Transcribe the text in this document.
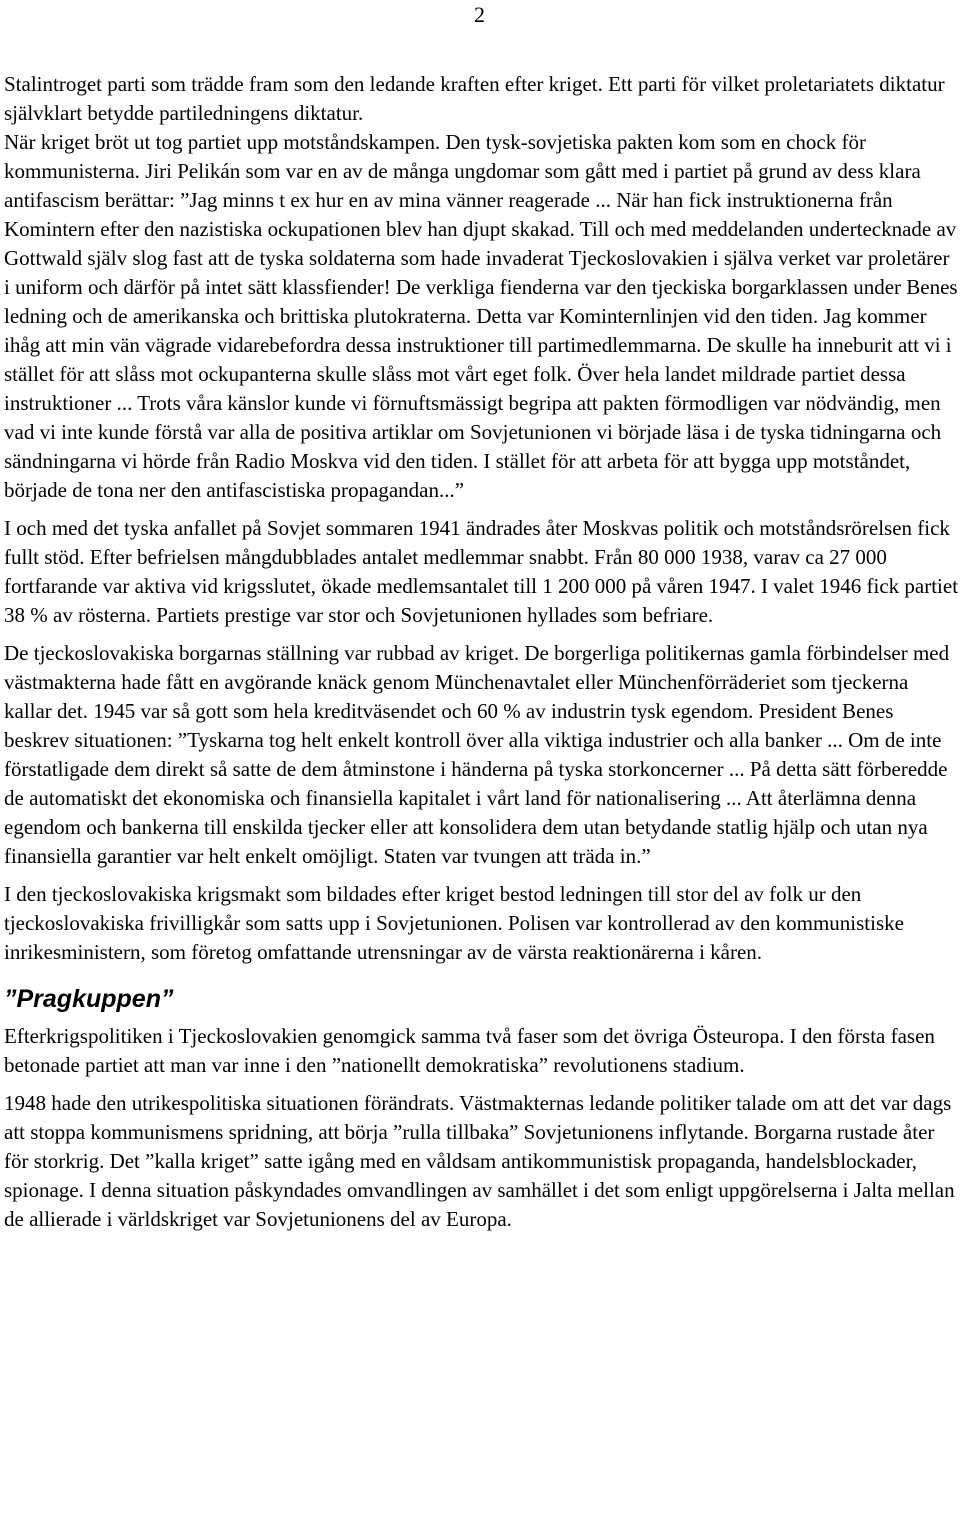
2

Stalintroget parti som trädde fram som den ledande kraften efter kriget. Ett parti för vilket proletariatets diktatur självklart betydde partiledningens diktatur.

När kriget bröt ut tog partiet upp motståndskampen. Den tysk-sovjetiska pakten kom som en chock för kommunisterna. Jiri Pelikán som var en av de många ungdomar som gått med i partiet på grund av dess klara antifascism berättar: ”Jag minns t ex hur en av mina vänner reagerade ... När han fick instruktionerna från Komintern efter den nazistiska ockupationen blev han djupt skakad. Till och med meddelanden undertecknade av Gottwald själv slog fast att de tyska soldaterna som hade invaderat Tjeckoslovakien i själva verket var proletärer i uniform och därför på intet sätt klassfiender! De verkliga fienderna var den tjeckiska borgarklassen under Benes ledning och de amerikanska och brittiska plutokraterna. Detta var Kominternlinjen vid den tiden. Jag kommer ihåg att min vän vägrade vidarebefordra dessa instruktioner till partimedlemmarna. De skulle ha inneburit att vi i stället för att slåss mot ockupanterna skulle slåss mot vårt eget folk. Över hela landet mildrade partiet dessa instruktioner ... Trots våra känslor kunde vi förnuftsmässigt begripa att pakten förmodligen var nödvändig, men vad vi inte kunde förstå var alla de positiva artiklar om Sovjetunionen vi började läsa i de tyska tidningarna och sändningarna vi hörde från Radio Moskva vid den tiden. I stället för att arbeta för att bygga upp motståndet, började de tona ner den antifascistiska propagandan...”

I och med det tyska anfallet på Sovjet sommaren 1941 ändrades åter Moskvas politik och motståndsrörelsen fick fullt stöd. Efter befrielsen mångdubblades antalet medlemmar snabbt. Från 80 000 1938, varav ca 27 000 fortfarande var aktiva vid krigsslutet, ökade medlemsantalet till 1 200 000 på våren 1947. I valet 1946 fick partiet 38 % av rösterna. Partiets prestige var stor och Sovjetunionen hyllades som befriare.

De tjeckoslovakiska borgarnas ställning var rubbad av kriget. De borgerliga politikernas gamla förbindelser med västmakterna hade fått en avgörande knäck genom Münchenavtalet eller Münchenförräderiet som tjeckerna kallar det. 1945 var så gott som hela kreditväsendet och 60 % av industrin tysk egendom. President Benes beskrev situationen: ”Tyskarna tog helt enkelt kontroll över alla viktiga industrier och alla banker ... Om de inte förstatligade dem direkt så satte de dem åtminstone i händerna på tyska storkoncerner ... På detta sätt förberedde de automatiskt det ekonomiska och finansiella kapitalet i vårt land för nationalisering ... Att återlämna denna egendom och bankerna till enskilda tjecker eller att konsolidera dem utan betydande statlig hjälp och utan nya finansiella garantier var helt enkelt omöjligt. Staten var tvungen att träda in.”

I den tjeckoslovakiska krigsmakt som bildades efter kriget bestod ledningen till stor del av folk ur den tjeckoslovakiska frivilligkår som satts upp i Sovjetunionen. Polisen var kontrollerad av den kommunistiske inrikesministern, som företog omfattande utrensningar av de värsta reaktionärerna i kåren.

”Pragkuppen”

Efterkrigspolitiken i Tjeckoslovakien genomgick samma två faser som det övriga Östeuropa. I den första fasen betonade partiet att man var inne i den ”nationellt demokratiska” revolutionens stadium.

1948 hade den utrikespolitiska situationen förändrats. Västmakternas ledande politiker talade om att det var dags att stoppa kommunismens spridning, att börja ”rulla tillbaka” Sovjetunionens inflytande. Borgarna rustade åter för storkrig. Det ”kalla kriget” satte igång med en våldsam antikommunistisk propaganda, handelsblockader, spionage. I denna situation påskyndades omvandlingen av samhället i det som enligt uppgörelserna i Jalta mellan de allierade i världskriget var Sovjetunionens del av Europa.
